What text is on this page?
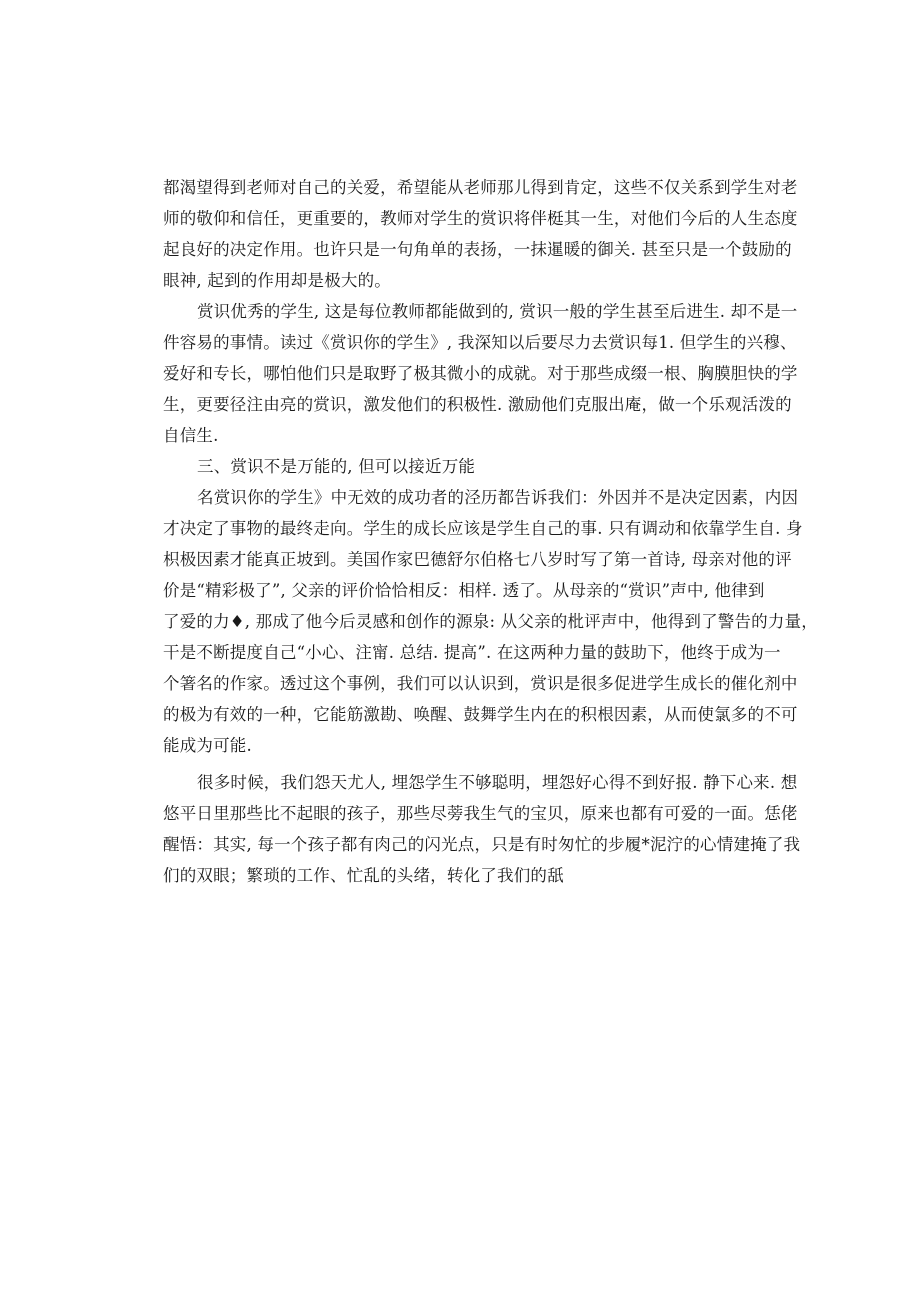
都渴望得到老师对自己的关爱，希望能从老师那儿得到肯定，这些不仅关系到学生对老
师的敬仰和信任，更重要的，教师对学生的赏识将伴梃其一生，对他们今后的人生态度
起良好的决定作用。也许只是一句角单的表扬，一抹暹暖的御关. 甚至只是一个鼓励的
眼神, 起到的作用却是极大的。
赏识优秀的学生, 这是每位教师都能做到的, 赏识一般的学生甚至后进生. 却不是一
件容易的事情。读过《赏识你的学生》, 我深知以后要尽力去赏识每1. 但学生的兴穆、
爱好和专长，哪怕他们只是取野了极其微小的成就。对于那些成缀一根、胸膜胆快的学
生，更要径注由亮的赏识，激发他们的积极性. 激励他们克服出庵，做一个乐观活泼的
自信生.
三、赏识不是万能的, 但可以接近万能
名赏识你的学生》中无效的成功者的泾历都告诉我们：外因并不是决定因素，内因
才决定了事物的最终走向。学生的成长应该是学生自己的事. 只有调动和依靠学生自. 身
枳极因素才能真正坡到。美国作家巴德舒尔伯格七八岁时写了第一首诗, 母亲对他的评
价是“精彩极了”, 父亲的评价恰恰相反：相样. 透了。从母亲的“赏识”声中, 他律到
了爱的力♦, 那成了他今后灵感和创作的源泉: 从父亲的枇评声中，他得到了警告的力量，
干是不断提度自己“小心、注甯. 总结. 提高”. 在这两种力量的鼓助下，他终于成为一
个箸名的作家。透过这个事例，我们可以认识到，赏识是很多促进学生成长的催化剂中
的极为有效的一种，它能筋激勘、唤醒、鼓舞学生内在的积根因素，从而使氯多的不可
能成为可能.
很多时候，我们怨天尤人, 埋怨学生不够聪明，埋怨好心得不到好报. 静下心来. 想
悠平日里那些比不起眼的孩子，那些尽蒡我生气的宝贝，原来也都有可爱的一面。恁佬
醒悟：其实, 每一个孩子都有肉己的闪光点，只是有时匆忙的步履*泥泞的心情建掩了我
们的双眼；繁琐的工作、忙乱的头绪，转化了我们的舐
